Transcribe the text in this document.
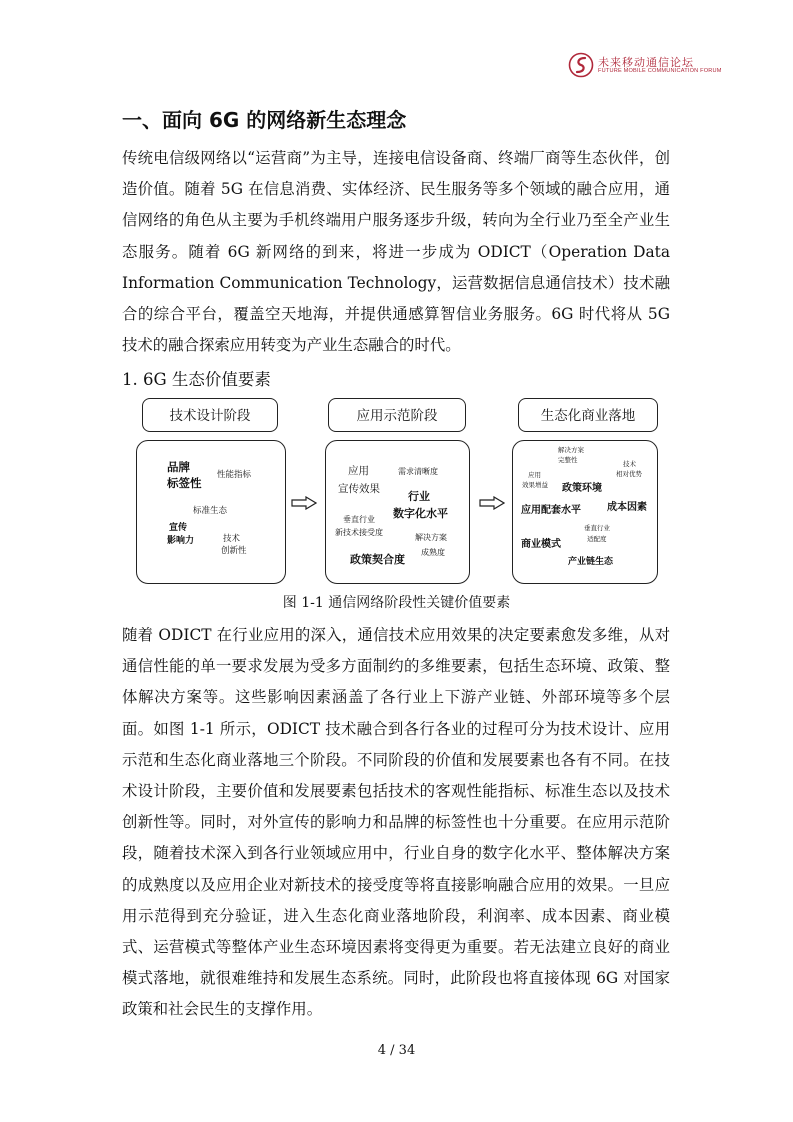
未来移动通信论坛
FUTURE MOBILE COMMUNICATION FORUM
一、面向 6G 的网络新生态理念

传统电信级网络以“运营商”为主导，连接电信设备商、终端厂商等生态伙伴，创造价值。随着 5G 在信息消费、实体经济、民生服务等多个领域的融合应用，通信网络的角色从主要为手机终端用户服务逐步升级，转向为全行业乃至全产业生态服务。随着 6G 新网络的到来，将进一步成为 ODICT（Operation Data Information Communication Technology，运营数据信息通信技术）技术融合的综合平台，覆盖空天地海，并提供通感算智信业务服务。6G 时代将从 5G 技术的融合探索应用转变为产业生态融合的时代。

1. 6G 生态价值要素
技术设计阶段
品牌
标签性
性能指标
标准生态
宣传
影响力	技术
创新性
应用示范阶段
应用
宣传效果
需求清晰度
行业
数字化水平
垂直行业
新技术接受度
解决方案
成熟度
政策契合度
生态化商业落地
解决方案
完整性	技术
相对优势
应用
效果增益 政策环境
应用配套水平	成本因素
垂直行业
适配度
商业模式
产业链生态
图 1-1 通信网络阶段性关键价值要素

随着 ODICT 在行业应用的深入，通信技术应用效果的决定要素愈发多维，从对通信性能的单一要求发展为受多方面制约的多维要素，包括生态环境、政策、整体解决方案等。这些影响因素涵盖了各行业上下游产业链、外部环境等多个层面。如图 1-1 所示，ODICT 技术融合到各行各业的过程可分为技术设计、应用示范和生态化商业落地三个阶段。不同阶段的价值和发展要素也各有不同。在技术设计阶段，主要价值和发展要素包括技术的客观性能指标、标准生态以及技术创新性等。同时，对外宣传的影响力和品牌的标签性也十分重要。在应用示范阶段，随着技术深入到各行业领域应用中，行业自身的数字化水平、整体解决方案的成熟度以及应用企业对新技术的接受度等将直接影响融合应用的效果。一旦应用示范得到充分验证，进入生态化商业落地阶段，利润率、成本因素、商业模式、运营模式等整体产业生态环境因素将变得更为重要。若无法建立良好的商业模式落地，就很难维持和发展生态系统。同时，此阶段也将直接体现 6G 对国家政策和社会民生的支撑作用。

4 / 34
